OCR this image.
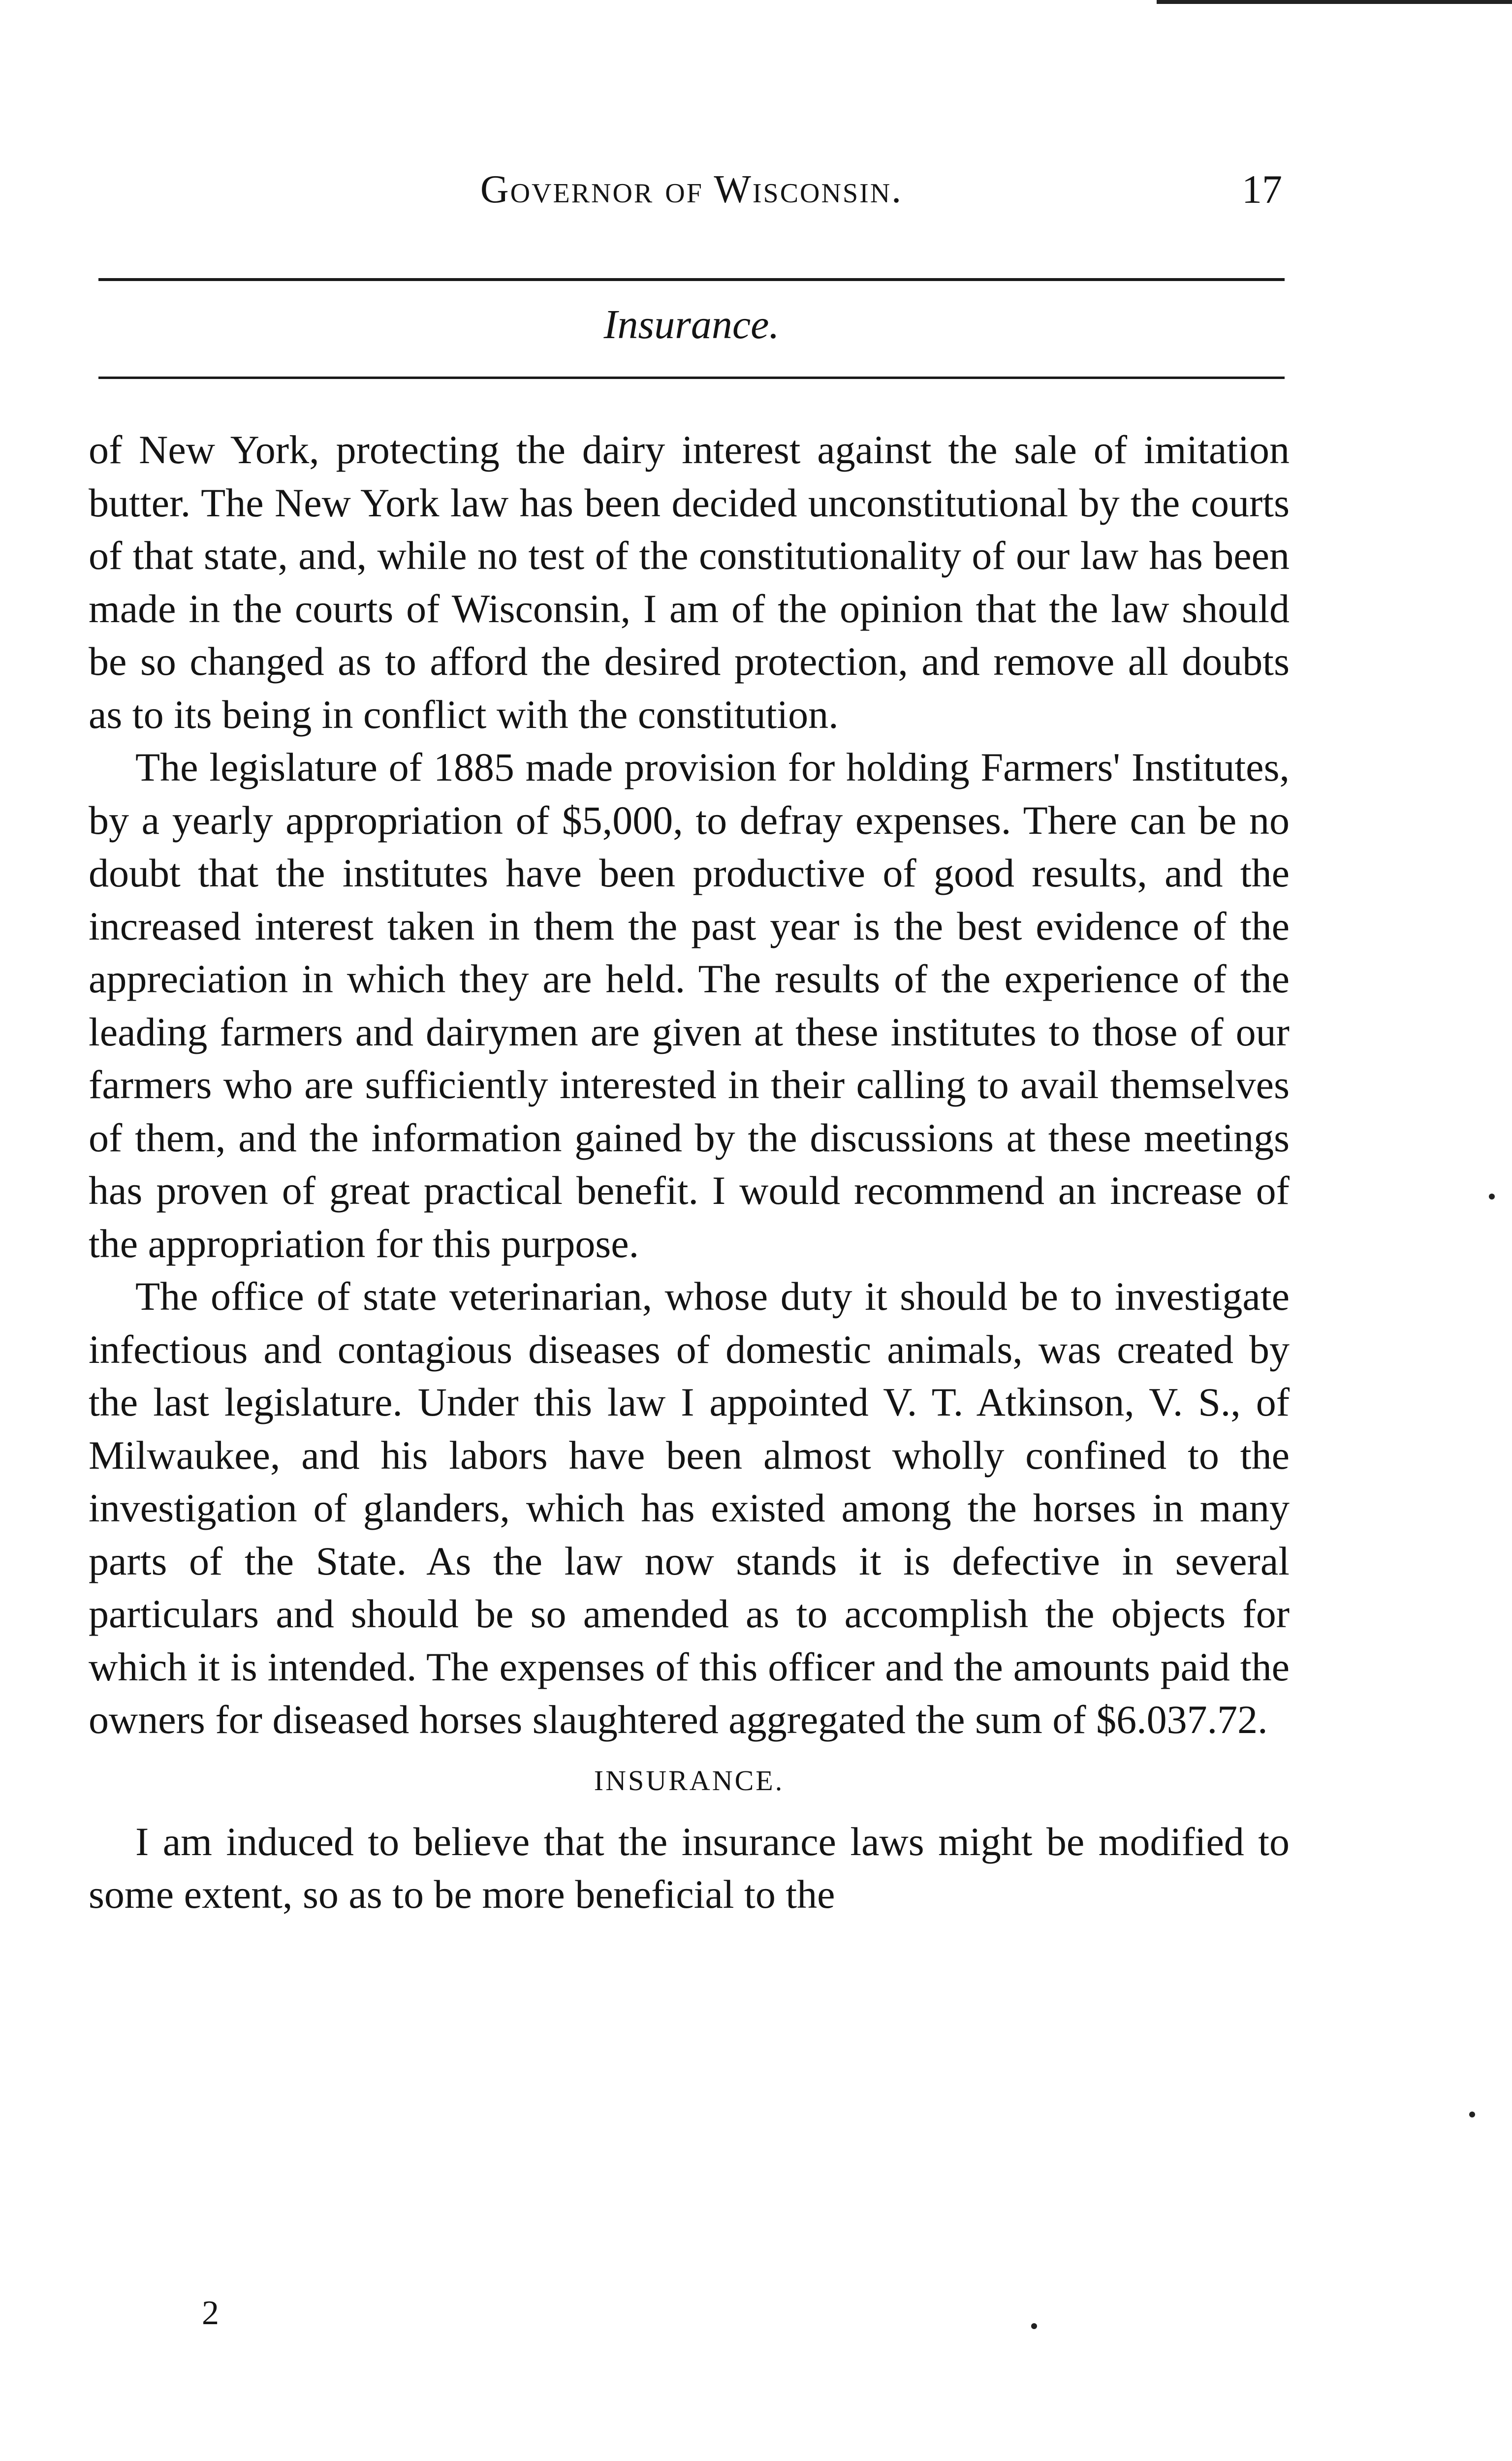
Governor of Wisconsin.	17
Insurance.

of New York, protecting the dairy interest against the sale of imitation butter. The New York law has been decided unconstitutional by the courts of that state, and, while no test of the constitutionality of our law has been made in the courts of Wisconsin, I am of the opinion that the law should be so changed as to afford the desired protection, and remove all doubts as to its being in conflict with the constitution.

The legislature of 1885 made provision for holding Farmers' Institutes, by a yearly appropriation of $5,000, to defray expenses. There can be no doubt that the institutes have been productive of good results, and the increased interest taken in them the past year is the best evidence of the appreciation in which they are held. The results of the experience of the leading farmers and dairymen are given at these institutes to those of our farmers who are sufficiently interested in their calling to avail themselves of them, and the information gained by the discussions at these meetings has proven of great practical benefit. I would recommend an increase of the appropriation for this purpose.

The office of state veterinarian, whose duty it should be to investigate infectious and contagious diseases of domestic animals, was created by the last legislature. Under this law I appointed V. T. Atkinson, V. S., of Milwaukee, and his labors have been almost wholly confined to the investigation of glanders, which has existed among the horses in many parts of the State. As the law now stands it is defective in several particulars and should be so amended as to accomplish the objects for which it is intended. The expenses of this officer and the amounts paid the owners for diseased horses slaughtered aggregated the sum of $6.037.72.

INSURANCE.

I am induced to believe that the insurance laws might be modified to some extent, so as to be more beneficial to the

2
